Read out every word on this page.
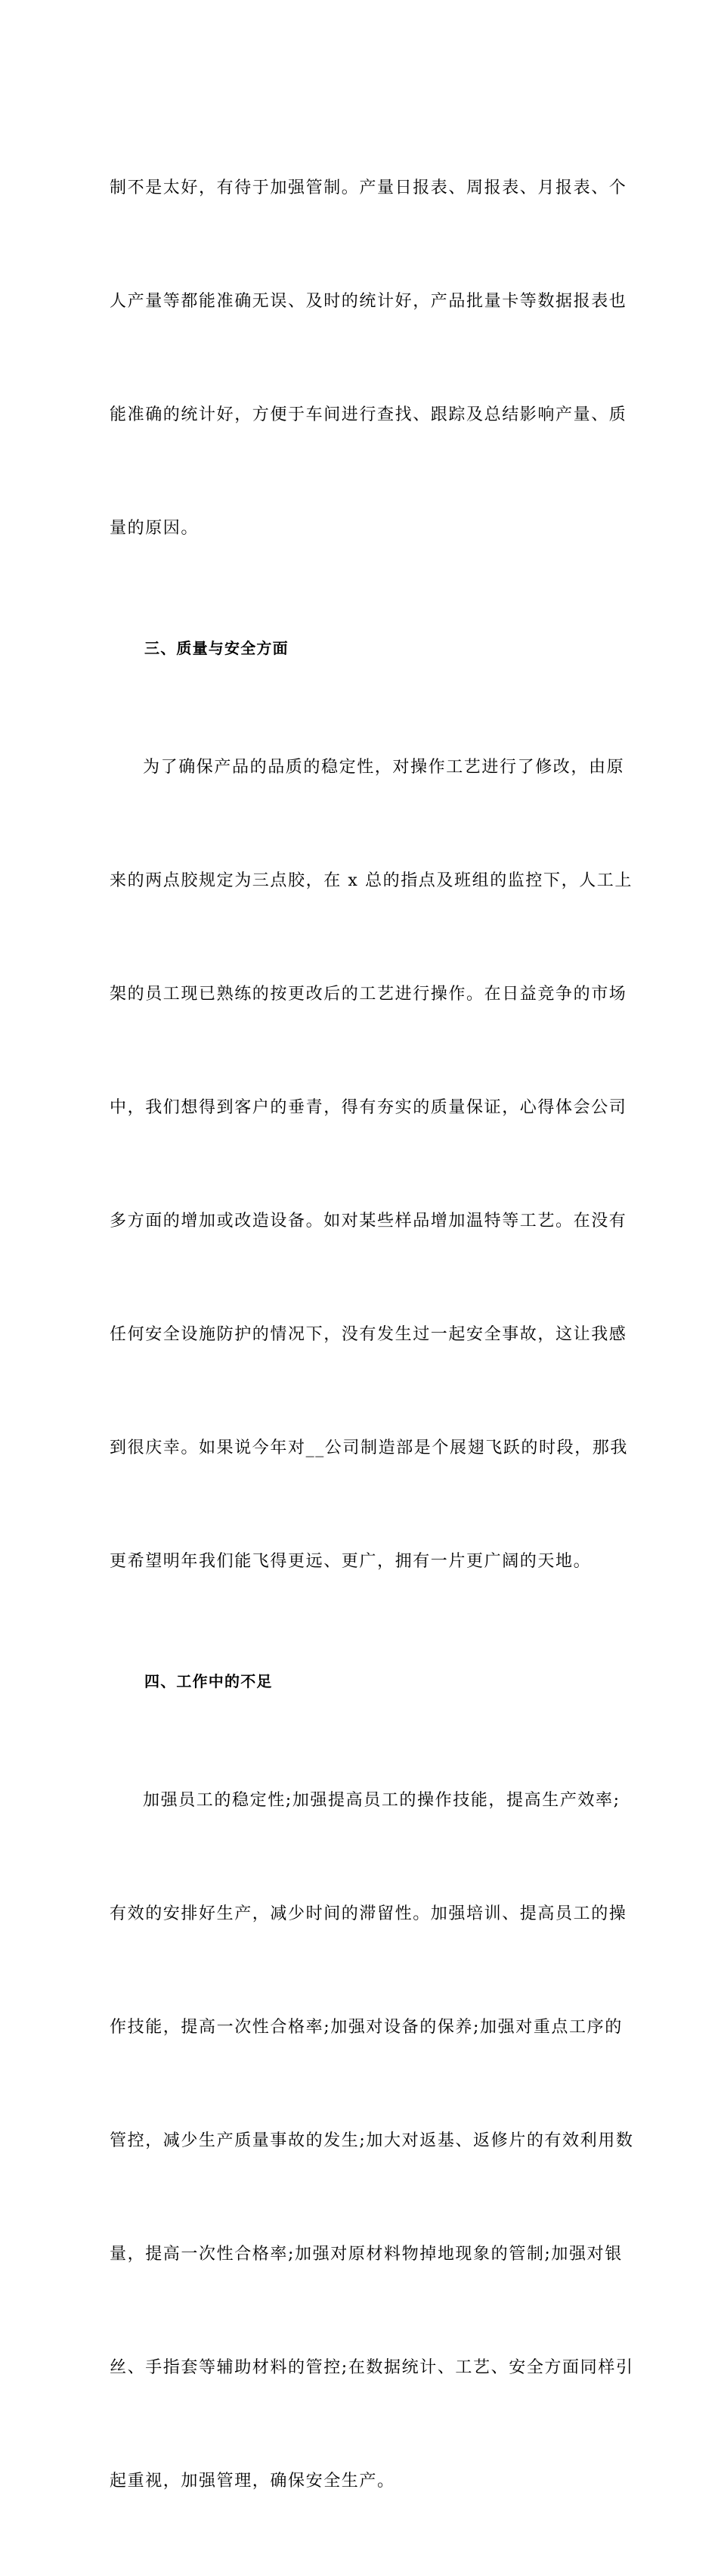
制不是太好，有待于加强管制。产量日报表、周报表、月报表、个

人产量等都能准确无误、及时的统计好，产品批量卡等数据报表也

能准确的统计好，方便于车间进行查找、跟踪及总结影响产量、质

量的原因。

三、质量与安全方面

为了确保产品的品质的稳定性，对操作工艺进行了修改，由原

来的两点胶规定为三点胶，在 x 总的指点及班组的监控下，人工上

架的员工现已熟练的按更改后的工艺进行操作。在日益竞争的市场

中，我们想得到客户的垂青，得有夯实的质量保证，心得体会公司

多方面的增加或改造设备。如对某些样品增加温特等工艺。在没有

任何安全设施防护的情况下，没有发生过一起安全事故，这让我感

到很庆幸。如果说今年对__公司制造部是个展翅飞跃的时段，那我

更希望明年我们能飞得更远、更广，拥有一片更广阔的天地。

四、工作中的不足

加强员工的稳定性;加强提高员工的操作技能，提高生产效率;

有效的安排好生产，减少时间的滞留性。加强培训、提高员工的操

作技能，提高一次性合格率;加强对设备的保养;加强对重点工序的

管控，减少生产质量事故的发生;加大对返基、返修片的有效利用数

量，提高一次性合格率;加强对原材料物掉地现象的管制;加强对银

丝、手指套等辅助材料的管控;在数据统计、工艺、安全方面同样引

起重视，加强管理，确保安全生产。
